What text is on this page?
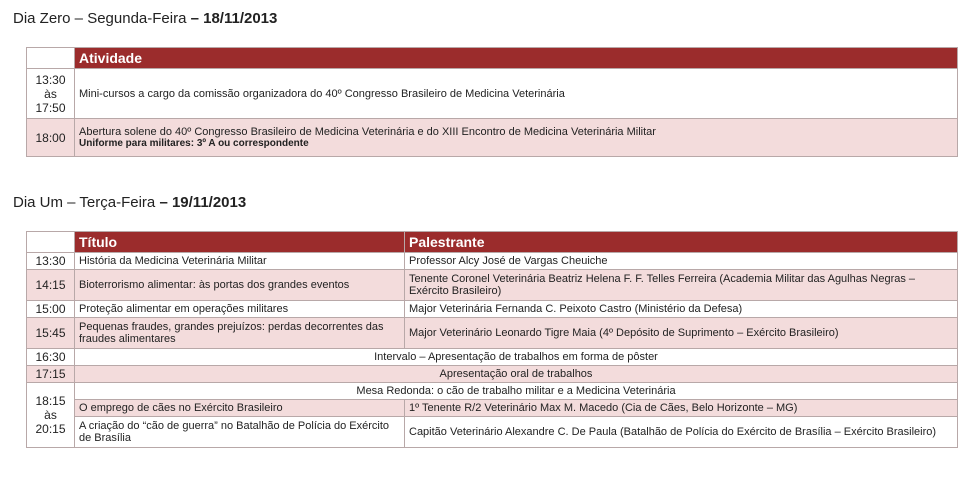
Dia Zero – Segunda-Feira – 18/11/2013
	Atividade
13:30
às
17:50	Mini-cursos a cargo da comissão organizadora do 40º Congresso Brasileiro de Medicina Veterinária
18:00	Abertura solene do 40º Congresso Brasileiro de Medicina Veterinária e do XIII Encontro de Medicina Veterinária Militar
Uniforme para militares: 3º A ou correspondente
Dia Um – Terça-Feira – 19/11/2013
	Título	Palestrante
13:30	História da Medicina Veterinária Militar	Professor Alcy José de Vargas Cheuiche
14:15	Bioterrorismo alimentar: às portas dos grandes eventos	Tenente Coronel Veterinária Beatriz Helena F. F. Telles Ferreira (Academia Militar das Agulhas Negras – Exército Brasileiro)
15:00	Proteção alimentar em operações militares	Major Veterinária Fernanda C. Peixoto Castro (Ministério da Defesa)
15:45	Pequenas fraudes, grandes prejuízos: perdas decorrentes das fraudes alimentares	Major Veterinário Leonardo Tigre Maia (4º Depósito de Suprimento – Exército Brasileiro)
16:30	Intervalo – Apresentação de trabalhos em forma de pôster	
17:15	Apresentação oral de trabalhos	
18:15
às
20:15	Mesa Redonda: o cão de trabalho militar e a Medicina Veterinária	
	O emprego de cães no Exército Brasileiro	1º Tenente R/2 Veterinário Max M. Macedo (Cia de Cães, Belo Horizonte – MG)
	A criação do “cão de guerra” no Batalhão de Polícia do Exército de Brasília	Capitão Veterinário Alexandre C. De Paula (Batalhão de Polícia do Exército de Brasília – Exército Brasileiro)
